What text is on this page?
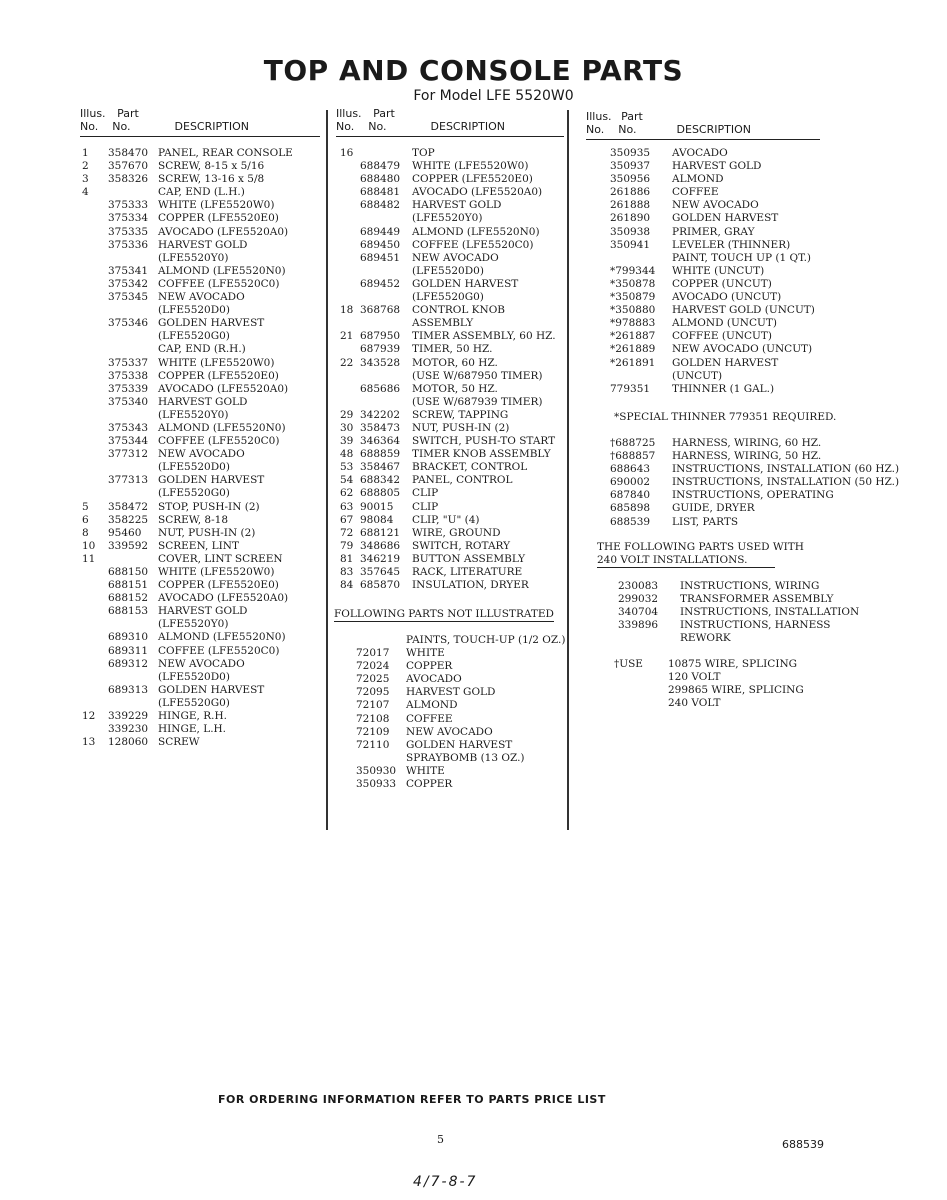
TOP AND CONSOLE PARTS
For Model LFE 5520W0
Illus. Part
No. No.	DESCRIPTION
Illus. Part
No. No.	DESCRIPTION
Illus. Part
No. No.	DESCRIPTION
1	358470 PANEL, REAR CONSOLE
2	357670 SCREW, 8-15 x 5/16
3	358326 SCREW, 13-16 x 5/8
4	CAP, END (L.H.)
375333 WHITE (LFE5520W0)
375334 COPPER (LFE5520E0)
375335 AVOCADO (LFE5520A0)
375336 HARVEST GOLD
(LFE5520Y0)
375341 ALMOND (LFE5520N0)
375342 COFFEE (LFE5520C0)
375345 NEW AVOCADO
(LFE5520D0)
375346 GOLDEN HARVEST
(LFE5520G0)
CAP, END (R.H.)
375337 WHITE (LFE5520W0)
375338 COPPER (LFE5520E0)
375339 AVOCADO (LFE5520A0)
375340 HARVEST GOLD
(LFE5520Y0)
375343 ALMOND (LFE5520N0)
375344 COFFEE (LFE5520C0)
377312 NEW AVOCADO
(LFE5520D0)
377313 GOLDEN HARVEST
(LFE5520G0)
5	358472 STOP, PUSH-IN (2)
6	358225 SCREW, 8-18
8	95460	NUT, PUSH-IN (2)
10	339592 SCREEN, LINT
11	COVER, LINT SCREEN
688150 WHITE (LFE5520W0)
688151 COPPER (LFE5520E0)
688152 AVOCADO (LFE5520A0)
688153 HARVEST GOLD
(LFE5520Y0)
689310 ALMOND (LFE5520N0)
689311 COFFEE (LFE5520C0)
689312 NEW AVOCADO
(LFE5520D0)
689313 GOLDEN HARVEST
(LFE5520G0)
12	339229 HINGE, R.H.
339230 HINGE, L.H.
13	128060 SCREW
16	TOP
688479	WHITE (LFE5520W0)
688480	COPPER (LFE5520E0)
688481	AVOCADO (LFE5520A0)
688482	HARVEST GOLD
(LFE5520Y0)
689449	ALMOND (LFE5520N0)
689450	COFFEE (LFE5520C0)
689451	NEW AVOCADO
(LFE5520D0)
689452	GOLDEN HARVEST
(LFE5520G0)
18 368768	CONTROL KNOB
ASSEMBLY
21 687950	TIMER ASSEMBLY, 60 HZ.
687939	TIMER, 50 HZ.
22 343528	MOTOR, 60 HZ.
(USE W/687950 TIMER)
685686	MOTOR, 50 HZ.
(USE W/687939 TIMER)
29 342202	SCREW, TAPPING
30 358473	NUT, PUSH-IN (2)
39 346364	SWITCH, PUSH-TO START
48 688859	TIMER KNOB ASSEMBLY
53 358467	BRACKET, CONTROL
54 688342	PANEL, CONTROL
62 688805	CLIP
63 90015	CLIP
67 98084	CLIP, "U" (4)
72 688121	WIRE, GROUND
79 348686	SWITCH, ROTARY
81 346219	BUTTON ASSEMBLY
83 357645	RACK, LITERATURE
84 685870	INSULATION, DRYER
FOLLOWING PARTS NOT ILLUSTRATED
PAINTS, TOUCH-UP (1/2 OZ.)
72017	WHITE
72024	COPPER
72025	AVOCADO
72095	HARVEST GOLD
72107	ALMOND
72108	COFFEE
72109	NEW AVOCADO
72110	GOLDEN HARVEST
SPRAYBOMB (13 OZ.)
350930 WHITE
350933 COPPER
350935	AVOCADO
350937	HARVEST GOLD
350956	ALMOND
261886	COFFEE
261888	NEW AVOCADO
261890	GOLDEN HARVEST
350938	PRIMER, GRAY
350941	LEVELER (THINNER)
PAINT, TOUCH UP (1 QT.)
*799344	WHITE (UNCUT)
*350878	COPPER (UNCUT)
*350879	AVOCADO (UNCUT)
*350880	HARVEST GOLD (UNCUT)
*978883	ALMOND (UNCUT)
*261887	COFFEE (UNCUT)
*261889	NEW AVOCADO (UNCUT)
*261891	GOLDEN HARVEST
(UNCUT)
779351	THINNER (1 GAL.)
*SPECIAL THINNER 779351 REQUIRED.
†688725	HARNESS, WIRING, 60 HZ.
†688857	HARNESS, WIRING, 50 HZ.
688643	INSTRUCTIONS, INSTALLATION (60 HZ.)
690002	INSTRUCTIONS, INSTALLATION (50 HZ.)
687840	INSTRUCTIONS, OPERATING
685898	GUIDE, DRYER
688539	LIST, PARTS
THE FOLLOWING PARTS USED WITH
240 VOLT INSTALLATIONS.
230083	INSTRUCTIONS, WIRING
299032	TRANSFORMER ASSEMBLY
340704	INSTRUCTIONS, INSTALLATION
339896	INSTRUCTIONS, HARNESS
REWORK
†USE	10875 WIRE, SPLICING
120 VOLT
299865 WIRE, SPLICING
240 VOLT
FOR ORDERING INFORMATION REFER TO PARTS PRICE LIST
5	688539
4/7-8-7
